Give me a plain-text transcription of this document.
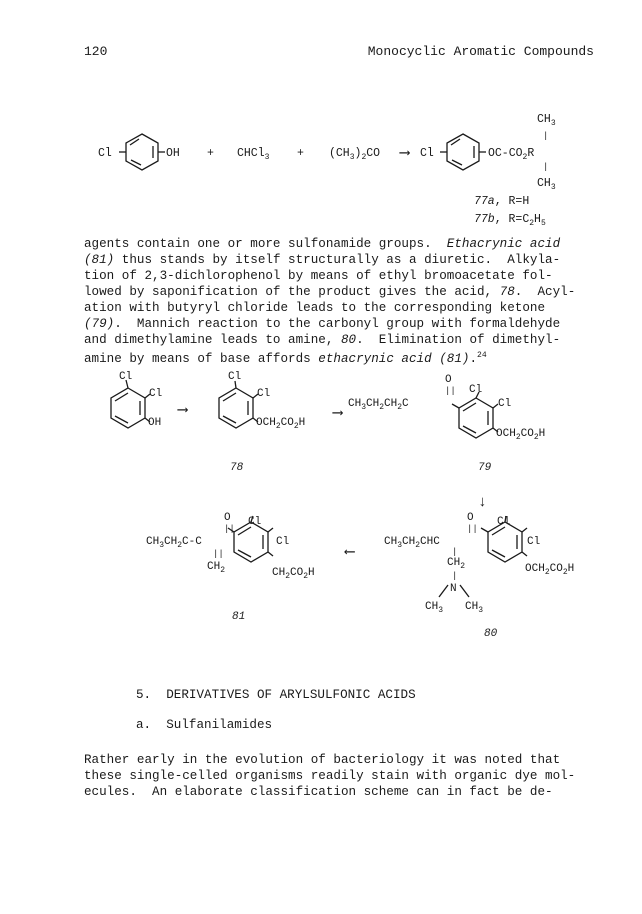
120	Monocyclic Aromatic Compounds
Cl	OH + CHCl$_3$ + $(CH_3)_2CO$ ⟶ Cl
$CH_3$
|
$OC-CO_2R$
|
$CH_3$
77a, R=H
77b, $R=C_2H_5$
agents contain one or more sulfonamide groups.  Ethacrynic acid
(81) thus stands by itself structurally as a diuretic.  Alkyla-
tion of 2,3-dichlorophenol by means of ethyl bromoacetate fol-
lowed by saponification of the product gives the acid, 78.  Acyl-
ation with butyryl chloride leads to the corresponding ketone
(79).  Mannich reaction to the carbonyl group with formaldehyde
and dimethylamine leads to amine, 80.  Elimination of dimethyl-
amine by means of base affords ethacrynic acid (81).$^{24}$
Cl
Cl
OH
⟶
Cl
Cl
$OCH_2CO_2H$
78
⟶
O
|| Cl
$CH_3CH_2CH_2C$	Cl
$OCH_2CO_2H$
79
↓
O
||
Cl
$CH_3CH_2CHC$	Cl
|
$CH_2$	$OCH_2CO_2H$
|
N
$CH_3$ $CH_3$
80
⟵
O
||
Cl
$CH_3CH_2C-C$	Cl
||
$CH_2$	$CH_2CO_2H$
81
5. DERIVATIVES OF ARYLSULFONIC ACIDS
a. Sulfanilamides
Rather early in the evolution of bacteriology it was noted that
these single-celled organisms readily stain with organic dye mol-
ecules.  An elaborate classification scheme can in fact be de-
